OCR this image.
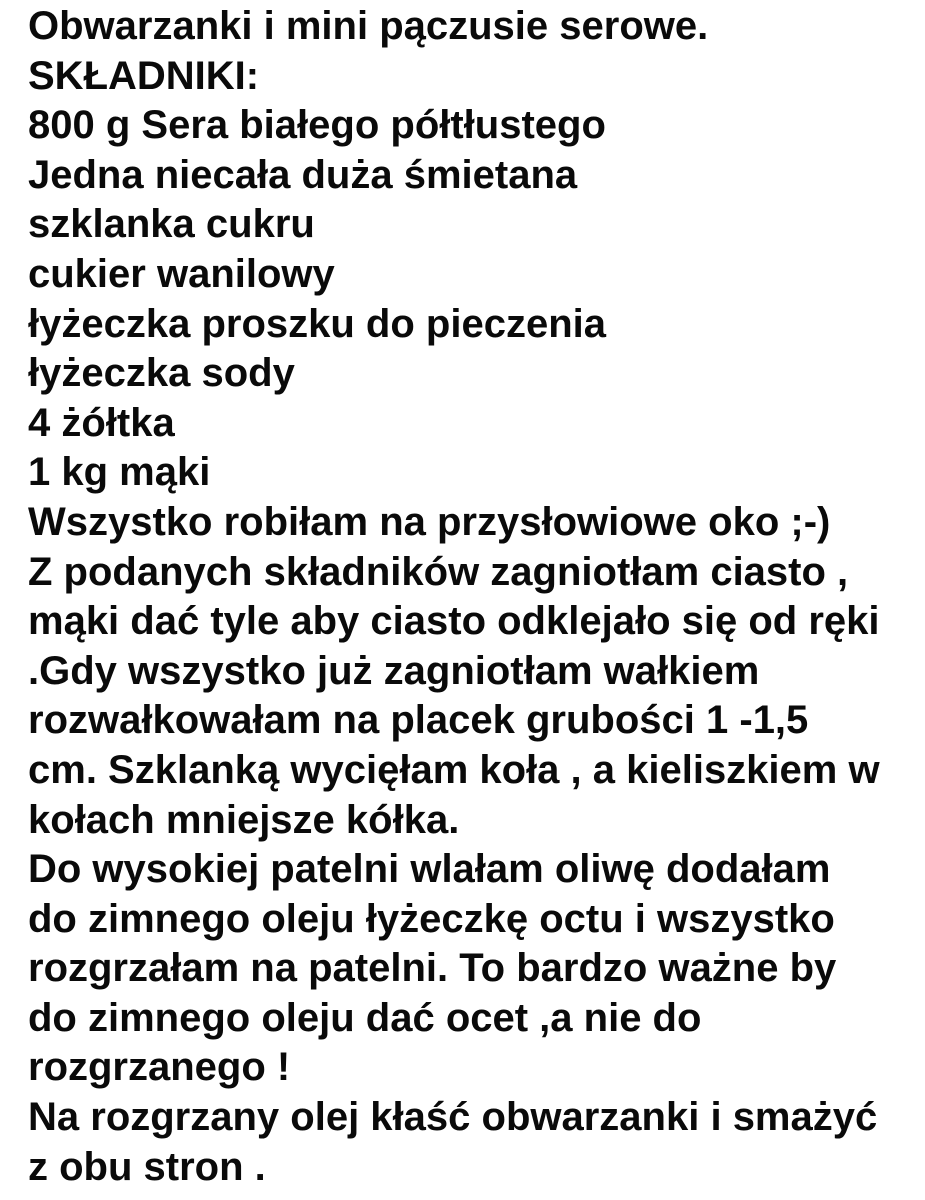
Obwarzanki i mini pączusie serowe.
SKŁADNIKI:
800 g Sera białego półtłustego
Jedna niecała duża śmietana
szklanka cukru
cukier wanilowy
łyżeczka proszku do pieczenia
łyżeczka sody
4 żółtka
1 kg mąki
Wszystko robiłam na przysłowiowe oko ;-)
Z podanych składników zagniotłam ciasto ,
mąki dać tyle aby ciasto odklejało się od ręki
.Gdy wszystko już zagniotłam wałkiem
rozwałkowałam na placek grubości 1 -1,5
cm. Szklanką wycięłam koła , a kieliszkiem w
kołach mniejsze kółka.
Do wysokiej patelni wlałam oliwę dodałam
do zimnego oleju łyżeczkę octu i wszystko
rozgrzałam na patelni. To bardzo ważne by
do zimnego oleju dać ocet ,a nie do
rozgrzanego !
Na rozgrzany olej kłaść obwarzanki i smażyć
z obu stron .
